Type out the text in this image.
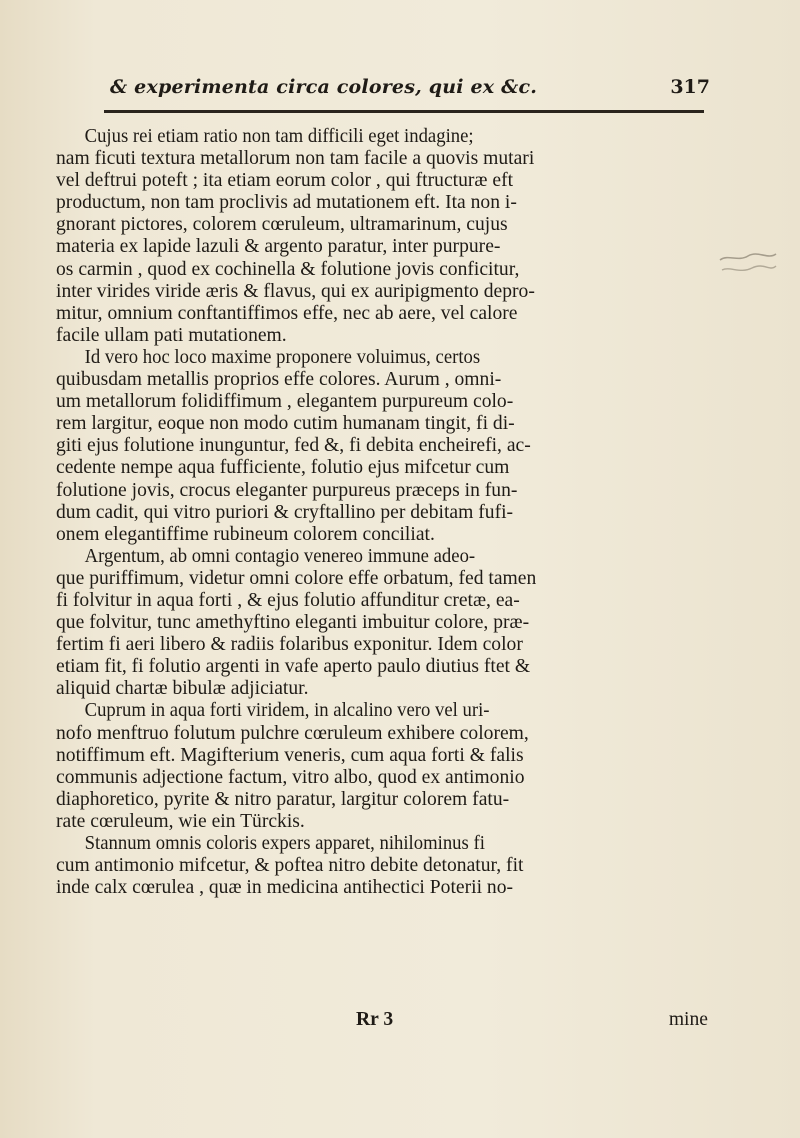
& experimenta circa colores, qui ex &c.	317
Cujus rei etiam ratio non tam difficili eget indagine;
nam ficuti textura metallorum non tam facile a quovis mutari
vel deftrui poteft ; ita etiam eorum color , qui ftructuræ eft
productum, non tam proclivis ad mutationem eft. Ita non i-
gnorant pictores, colorem cœruleum, ultramarinum, cujus
materia ex lapide lazuli & argento paratur, inter purpure-
os carmin , quod ex cochinella & folutione jovis conficitur,
inter virides viride æris & flavus, qui ex auripigmento depro-
mitur, omnium conftantiffimos effe, nec ab aere, vel calore
facile ullam pati mutationem.
Id vero hoc loco maxime proponere voluimus, certos
quibusdam metallis proprios effe colores. Aurum , omni-
um metallorum folidiffimum , elegantem purpureum colo-
rem largitur, eoque non modo cutim humanam tingit, fi di-
giti ejus folutione inunguntur, fed &, fi debita encheirefi, ac-
cedente nempe aqua fufficiente, folutio ejus mifcetur cum
folutione jovis, crocus eleganter purpureus præceps in fun-
dum cadit, qui vitro puriori & cryftallino per debitam fufi-
onem elegantiffime rubineum colorem conciliat.
Argentum, ab omni contagio venereo immune adeo-
que puriffimum, videtur omni colore effe orbatum, fed tamen
fi folvitur in aqua forti , & ejus folutio affunditur cretæ, ea-
que folvitur, tunc amethyftino eleganti imbuitur colore, præ-
fertim fi aeri libero & radiis folaribus exponitur. Idem color
etiam fit, fi folutio argenti in vafe aperto paulo diutius ftet &
aliquid chartæ bibulæ adjiciatur.
Cuprum in aqua forti viridem, in alcalino vero vel uri-
nofo menftruo folutum pulchre cœruleum exhibere colorem,
notiffimum eft. Magifterium veneris, cum aqua forti & falis
communis adjectione factum, vitro albo, quod ex antimonio
diaphoretico, pyrite & nitro paratur, largitur colorem fatu-
rate cœruleum, wie ein Türckis.
Stannum omnis coloris expers apparet, nihilominus fi
cum antimonio mifcetur, & poftea nitro debite detonatur, fit
inde calx cœrulea , quæ in medicina antihectici Poterii no-
Rr 3	mine
